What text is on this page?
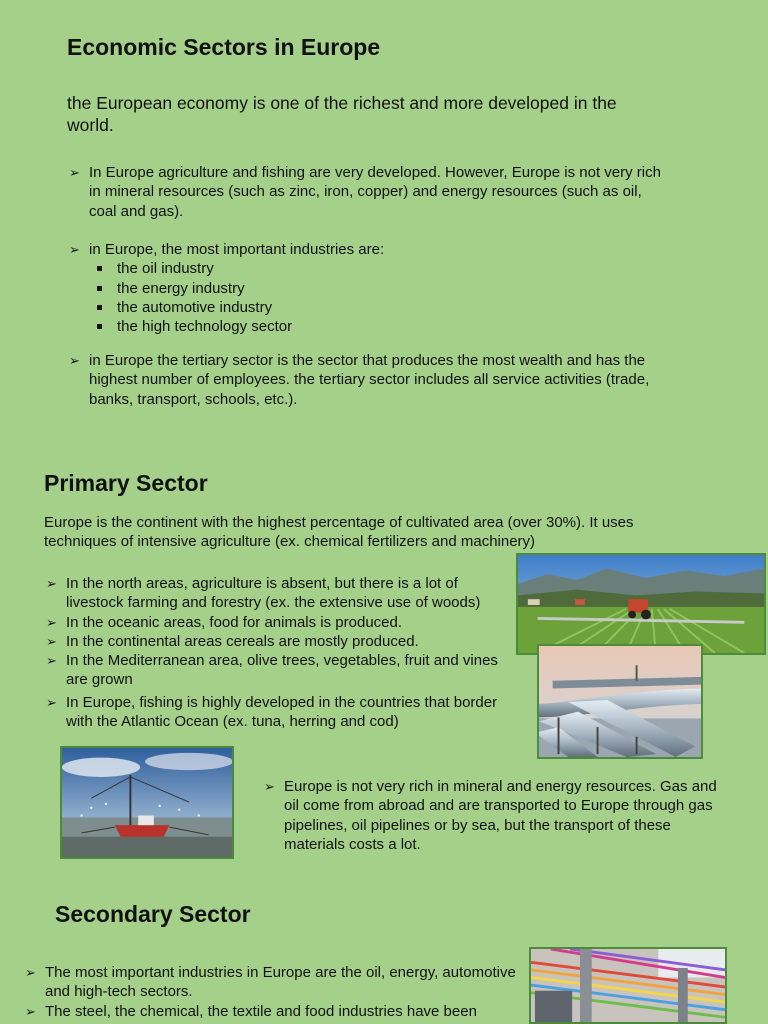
Economic Sectors in Europe
the European economy is one of the richest and more developed in the world.
➢ In Europe agriculture and fishing are very developed. However, Europe is not very rich in mineral resources (such as zinc, iron, copper) and energy resources (such as oil, coal and gas).
➢ in Europe, the most important industries are:
the oil industry
the energy industry
the automotive industry
the high technology sector
➢ in Europe the tertiary sector is the sector that produces the most wealth and has the highest number of employees. the tertiary sector includes all service activities (trade, banks, transport, schools, etc.).
Primary Sector
Europe is the continent with the highest percentage of cultivated area (over 30%). It uses techniques of intensive agriculture (ex. chemical fertilizers and machinery)
➢ In the north areas, agriculture is absent, but there is a lot of livestock farming and forestry (ex. the extensive use of woods)
➢ In the oceanic areas, food for animals is produced.
➢ In the continental areas cereals are mostly produced.
➢ In the Mediterranean area, olive trees, vegetables, fruit and vines are grown
➢ In Europe, fishing is highly developed in the countries that border with the Atlantic Ocean (ex. tuna, herring and cod)
➢ Europe is not very rich in mineral and energy resources. Gas and oil come from abroad and are transported to Europe through gas pipelines, oil pipelines or by sea, but the transport of these materials costs a lot.
Secondary Sector
➢ The most important industries in Europe are the oil, energy, automotive and high-tech sectors.
➢ The steel, the chemical, the textile and food industries have been
